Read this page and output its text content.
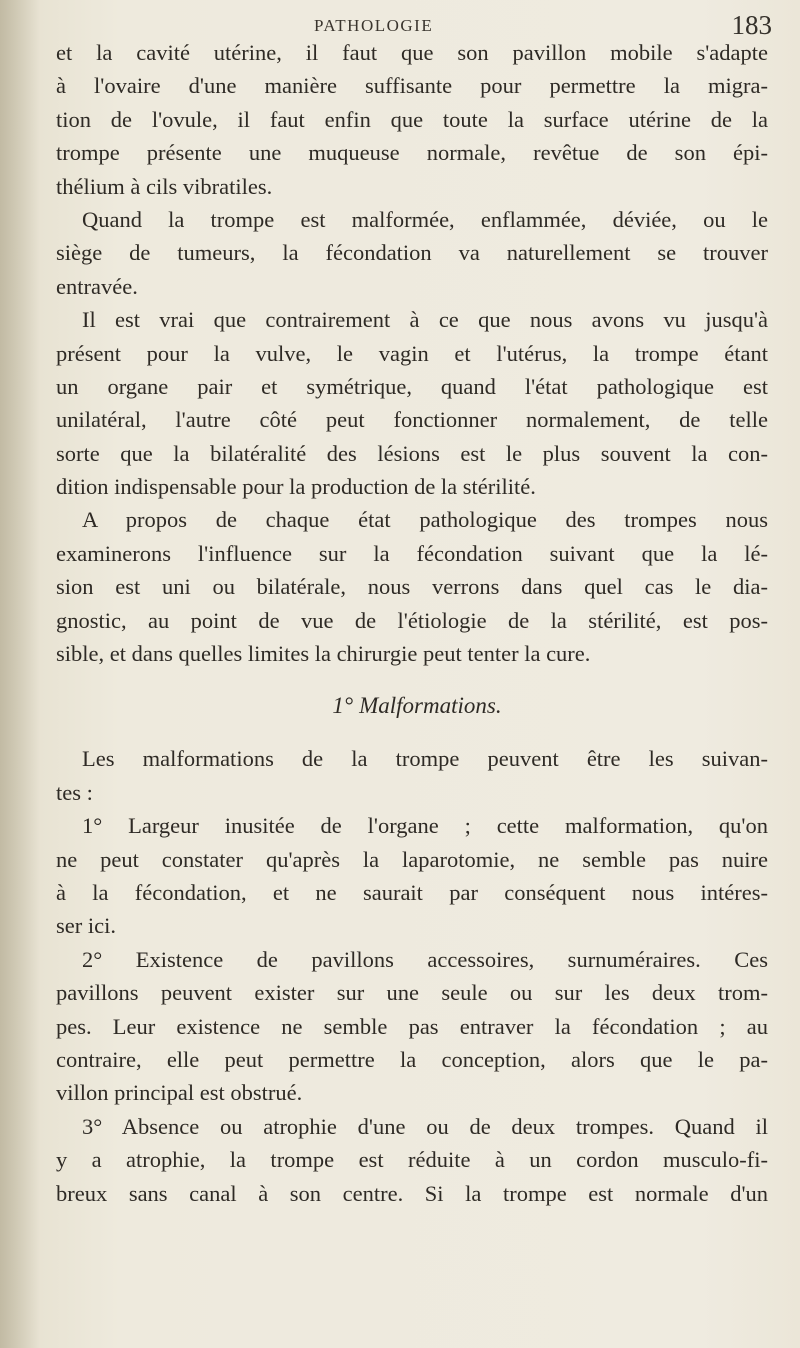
PATHOLOGIE	183
et la cavité utérine, il faut que son pavillon mobile s'adapte
à l'ovaire d'une manière suffisante pour permettre la migra-
tion de l'ovule, il faut enfin que toute la surface utérine de la
trompe présente une muqueuse normale, revêtue de son épi-
thélium à cils vibratiles.
Quand la trompe est malformée, enflammée, déviée, ou le
siège de tumeurs, la fécondation va naturellement se trouver
entravée.
Il est vrai que contrairement à ce que nous avons vu jusqu'à
présent pour la vulve, le vagin et l'utérus, la trompe étant
un organe pair et symétrique, quand l'état pathologique est
unilatéral, l'autre côté peut fonctionner normalement, de telle
sorte que la bilatéralité des lésions est le plus souvent la con-
dition indispensable pour la production de la stérilité.
A propos de chaque état pathologique des trompes nous
examinerons l'influence sur la fécondation suivant que la lé-
sion est uni ou bilatérale, nous verrons dans quel cas le dia-
gnostic, au point de vue de l'étiologie de la stérilité, est pos-
sible, et dans quelles limites la chirurgie peut tenter la cure.
1° Malformations.
Les malformations de la trompe peuvent être les suivan-
tes :
1° Largeur inusitée de l'organe ; cette malformation, qu'on
ne peut constater qu'après la laparotomie, ne semble pas nuire
à la fécondation, et ne saurait par conséquent nous intéres-
ser ici.
2° Existence de pavillons accessoires, surnuméraires. Ces
pavillons peuvent exister sur une seule ou sur les deux trom-
pes. Leur existence ne semble pas entraver la fécondation ; au
contraire, elle peut permettre la conception, alors que le pa-
villon principal est obstrué.
3° Absence ou atrophie d'une ou de deux trompes. Quand il
y a atrophie, la trompe est réduite à un cordon musculo-fi-
breux sans canal à son centre. Si la trompe est normale d'un
